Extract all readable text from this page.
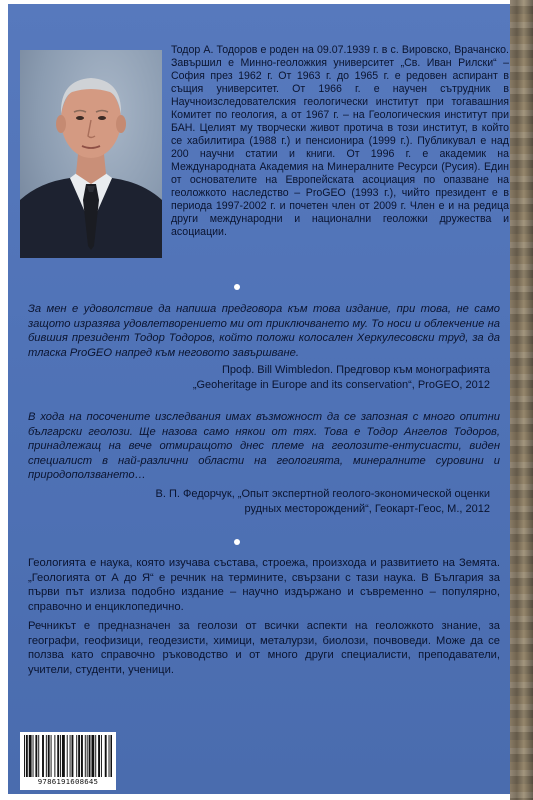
Тодор А. Тодоров е роден на 09.07.1939 г. в с. Вировско, Врачанско. Завършил е Минно-геоложкия университет „Св. Иван Рилски“ – София през 1962 г. От 1963 г. до 1965 г. е редовен аспирант в същия университет. От 1966 г. е научен сътрудник в Научноизследователския геологически институт при тогавашния Комитет по геология, а от 1967 г. – на Геологическия институт при БАН. Целият му творчески живот протича в този институт, в който се хабилитира (1988 г.) и пенсионира (1999 г.). Публикувал е над 200 научни статии и книги. От 1996 г. е академик на Международната Академия на Минералните Ресурси (Русия). Един от основателите на Европейската асоциация по опазване на геоложкото наследство – ProGEO (1993 г.), чийто президент е в периода 1997-2002 г. и почетен член от 2009 г. Член е и на редица други международни и национални геоложки дружества и асоциации.

За мен е удоволствие да напиша предговора към това издание, при това, не само защото изразява удовлетворението ми от приключването му. То носи и облекчение на бившия президент Тодор Тодоров, който положи колосален Херкулесовски труд, за да тласка ProGEO напред към неговото завършване.

Проф. Bill Wimbledon. Предговор към монографията
„Geoheritage in Europe and its conservation“, ProGEO, 2012

В хода на посочените изследвания имах възможност да се запозная с много опитни български геолози. Ще назова само някои от тях. Това е Тодор Ангелов Тодоров, принадлежащ на вече отмиращото днес племе на геолозите-ентусиасти, виден специалист в най-различни области на геологията, минералните суровини и природоползването…

В. П. Федорчук, „Опыт экспертной геолого-экономической оценки
рудных месторождений“, Геокарт-Геос, М., 2012

Геологията е наука, която изучава състава, строежа, произхода и развитието на Земята. „Геологията от А до Я“ е речник на термините, свързани с тази наука. В България за първи път излиза подобно издание – научно издържано и съвременно – популярно, справочно и енциклопедично.

Речникът е предназначен за геолози от всички аспекти на геоложкото знание, за географи, геофизици, геодезисти, химици, металурзи, биолози, почвоведи. Може да се ползва като справочно ръководство и от много други специалисти, преподаватели, учители, студенти, ученици.

9786191608645
